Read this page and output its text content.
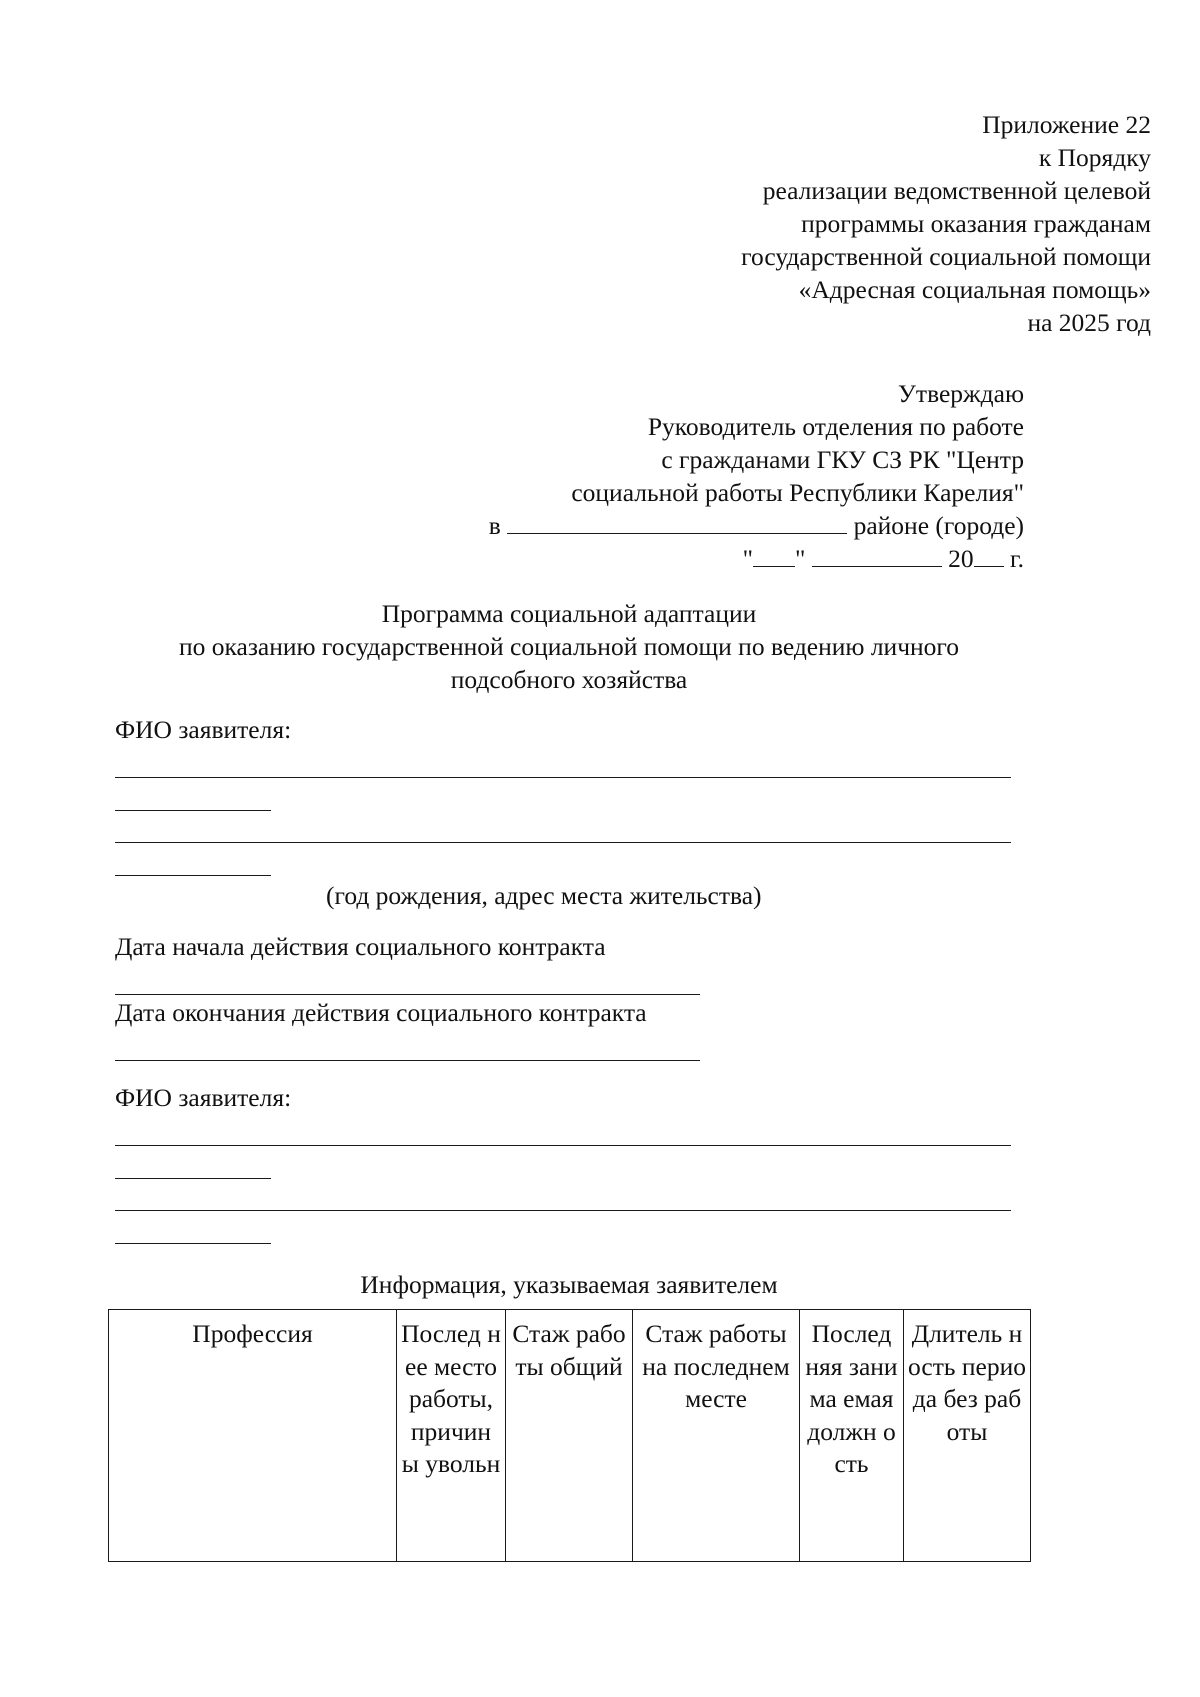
Приложение 22
к Порядку
реализации ведомственной целевой
программы оказания гражданам
государственной социальной помощи
«Адресная социальная помощь»
на 2025 год
Утверждаю
Руководитель отделения по работе
с гражданами ГКУ СЗ РК "Центр
социальной работы Республики Карелия"
в	районе (городе)
" "	20 г.
Программа социальной адаптации
по оказанию государственной социальной помощи по ведению личного
подсобного хозяйства
ФИО заявителя:
(год рождения, адрес места жительства)
Дата начала действия социального контракта
Дата окончания действия социального контракта
ФИО заявителя:
Информация, указываемая заявителем
Профессия	Послед нее место работы, причин ы увольн	Стаж работы общий	Стаж работы на последнем месте	Послед няя занима емая должн ость	Длитель ность периода без работы
